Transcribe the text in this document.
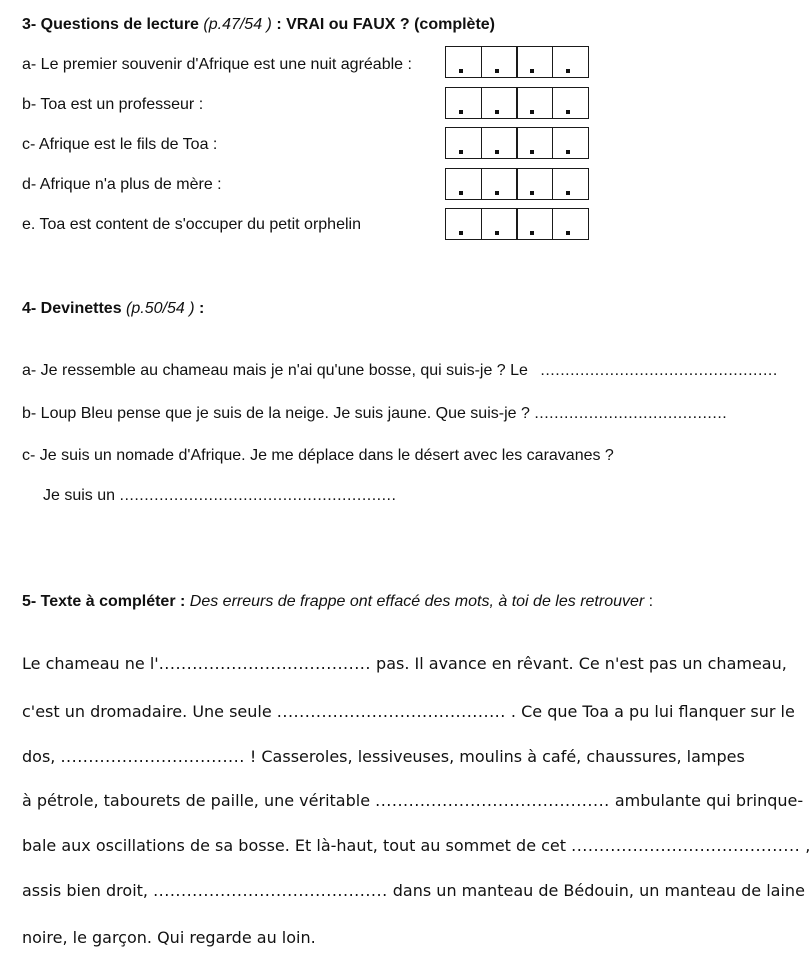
3- Questions de lecture (p.47/54 ) : VRAI ou FAUX ? (complète)
a- Le premier souvenir d'Afrique est une nuit agréable :
b- Toa est un professeur :
c- Afrique est le fils de Toa :
d- Afrique n'a plus de mère :
e. Toa est content de s'occuper du petit orphelin
4- Devinettes (p.50/54 ) :
a- Je ressemble au chameau mais je n'ai qu'une bosse, qui suis-je ? Le ................................................
b- Loup Bleu pense que je suis de la neige. Je suis jaune. Que suis-je ? .......................................
c- Je suis un nomade d'Afrique. Je me déplace dans le désert avec les caravanes ?
Je suis un ........................................................
5- Texte à compléter : Des erreurs de frappe ont effacé des mots, à toi de les retrouver :
Le chameau ne l'...................................... pas. Il avance en rêvant. Ce n'est pas un chameau,
c'est un dromadaire. Une seule ......................................... . Ce que Toa a pu lui flanquer sur le
dos, ................................. ! Casseroles, lessiveuses, moulins à café, chaussures, lampes
à pétrole, tabourets de paille, une véritable .......................................... ambulante qui brinque-
bale aux oscillations de sa bosse. Et là-haut, tout au sommet de cet ......................................... ,
assis bien droit, .......................................... dans un manteau de Bédouin, un manteau de laine
noire, le garçon. Qui regarde au loin.
